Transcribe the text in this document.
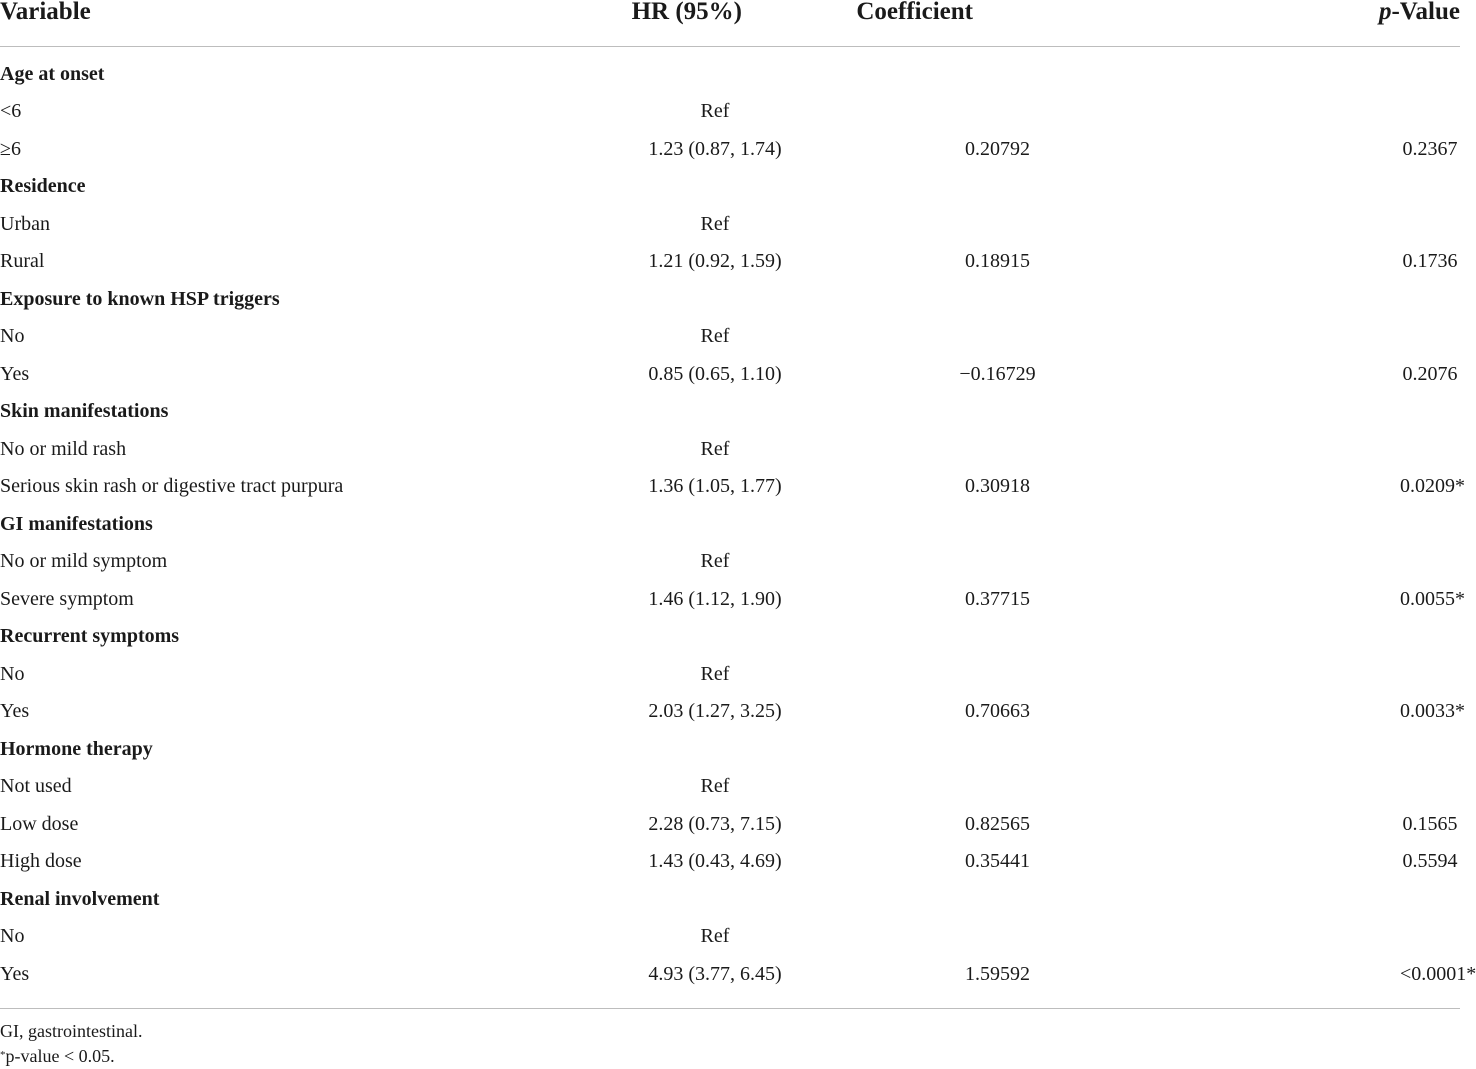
Variable	HR (95%)	Coefficient	p-Value
Age at onset			
<6	Ref		
≥6	1.23 (0.87, 1.74)	0.20792	0.2367
Residence			
Urban	Ref		
Rural	1.21 (0.92, 1.59)	0.18915	0.1736
Exposure to known HSP triggers			
No	Ref		
Yes	0.85 (0.65, 1.10)	−0.16729	0.2076
Skin manifestations			
No or mild rash	Ref		
Serious skin rash or digestive tract purpura	1.36 (1.05, 1.77)	0.30918	0.0209*
GI manifestations			
No or mild symptom	Ref		
Severe symptom	1.46 (1.12, 1.90)	0.37715	0.0055*
Recurrent symptoms			
No	Ref		
Yes	2.03 (1.27, 3.25)	0.70663	0.0033*
Hormone therapy			
Not used	Ref		
Low dose	2.28 (0.73, 7.15)	0.82565	0.1565
High dose	1.43 (0.43, 4.69)	0.35441	0.5594
Renal involvement			
No	Ref		
Yes	4.93 (3.77, 6.45)	1.59592	<0.0001*
GI, gastrointestinal.
*p-value < 0.05.
